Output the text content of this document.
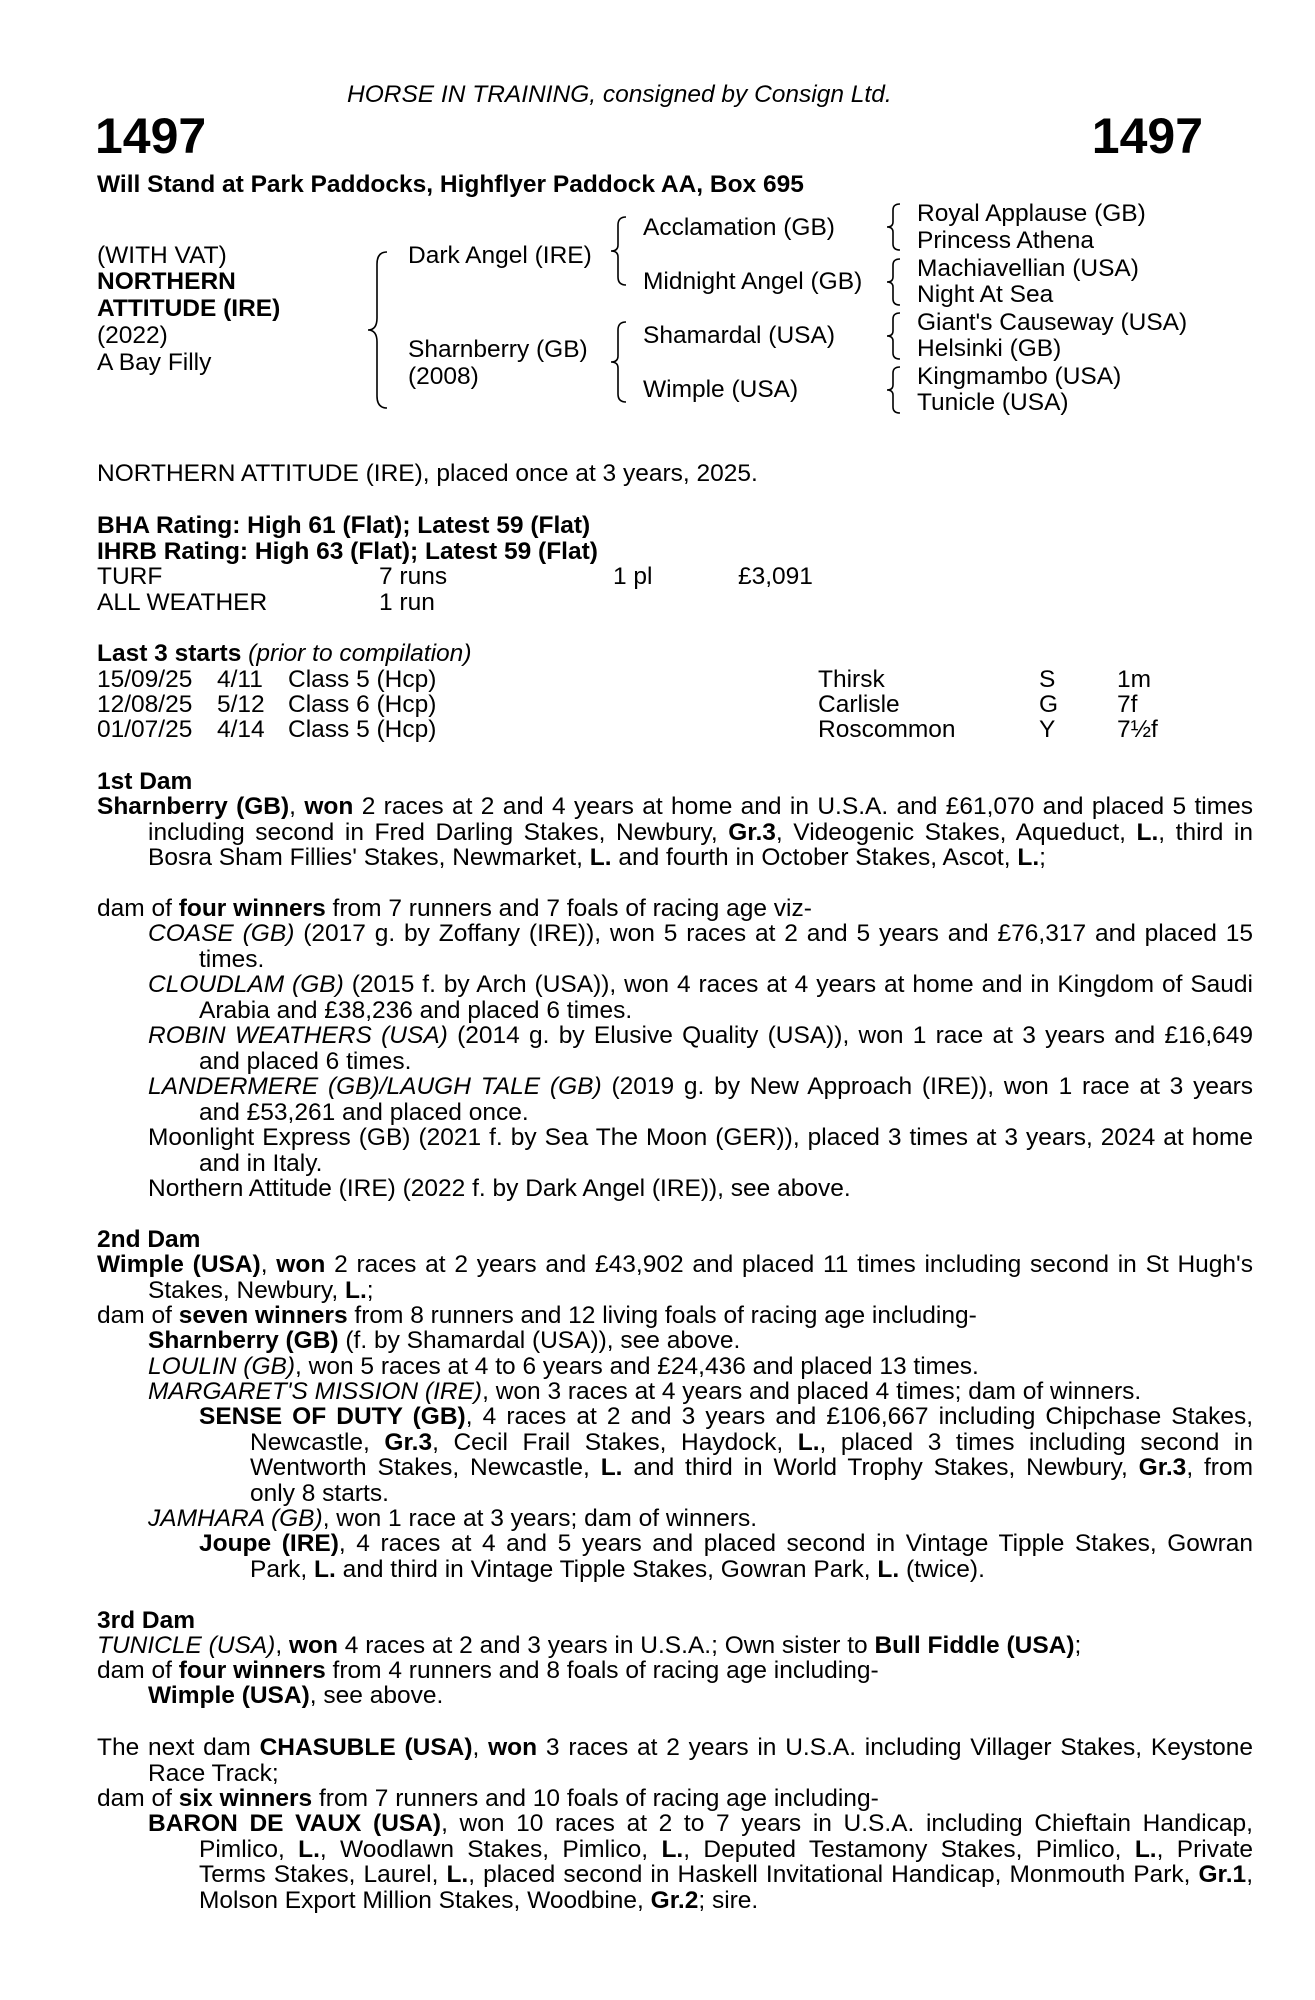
HORSE IN TRAINING, consigned by Consign Ltd.
1497	1497
Will Stand at Park Paddocks, Highflyer Paddock AA, Box 695
(WITH VAT)
NORTHERN
ATTITUDE (IRE)
(2022)
A Bay Filly
Dark Angel (IRE)
Sharnberry (GB)
(2008)
Acclamation (GB)
Midnight Angel (GB)
Shamardal (USA)
Wimple (USA)
Royal Applause (GB)
Princess Athena
Machiavellian (USA)
Night At Sea
Giant's Causeway (USA)
Helsinki (GB)
Kingmambo (USA)
Tunicle (USA)
NORTHERN ATTITUDE (IRE), placed once at 3 years, 2025.
BHA Rating: High 61 (Flat); Latest 59 (Flat)
IHRB Rating: High 63 (Flat); Latest 59 (Flat)
TURF	7 runs	1 pl	£3,091
ALL WEATHER	1 run
Last 3 starts (prior to compilation)
15/09/25 4/11 Class 5 (Hcp)	Thirsk	S	1m
12/08/25 5/12 Class 6 (Hcp)	Carlisle	G 7f
01/07/25 4/14 Class 5 (Hcp)	Roscommon	Y	7½f
1st Dam
Sharnberry (GB), won 2 races at 2 and 4 years at home and in U.S.A. and £61,070 and placed 5 times including second in Fred Darling Stakes, Newbury, Gr.3, Videogenic Stakes, Aqueduct, L., third in Bosra Sham Fillies' Stakes, Newmarket, L. and fourth in October Stakes, Ascot, L.;
dam of four winners from 7 runners and 7 foals of racing age viz-
COASE (GB) (2017 g. by Zoffany (IRE)), won 5 races at 2 and 5 years and £76,317 and placed 15 times.
CLOUDLAM (GB) (2015 f. by Arch (USA)), won 4 races at 4 years at home and in Kingdom of Saudi Arabia and £38,236 and placed 6 times.
ROBIN WEATHERS (USA) (2014 g. by Elusive Quality (USA)), won 1 race at 3 years and £16,649 and placed 6 times.
LANDERMERE (GB)/LAUGH TALE (GB) (2019 g. by New Approach (IRE)), won 1 race at 3 years and £53,261 and placed once.
Moonlight Express (GB) (2021 f. by Sea The Moon (GER)), placed 3 times at 3 years, 2024 at home and in Italy.
Northern Attitude (IRE) (2022 f. by Dark Angel (IRE)), see above.
2nd Dam
Wimple (USA), won 2 races at 2 years and £43,902 and placed 11 times including second in St Hugh's Stakes, Newbury, L.;
dam of seven winners from 8 runners and 12 living foals of racing age including-
Sharnberry (GB) (f. by Shamardal (USA)), see above.
LOULIN (GB), won 5 races at 4 to 6 years and £24,436 and placed 13 times.
MARGARET'S MISSION (IRE), won 3 races at 4 years and placed 4 times; dam of winners.
SENSE OF DUTY (GB), 4 races at 2 and 3 years and £106,667 including Chipchase Stakes, Newcastle, Gr.3, Cecil Frail Stakes, Haydock, L., placed 3 times including second in Wentworth Stakes, Newcastle, L. and third in World Trophy Stakes, Newbury, Gr.3, from only 8 starts.
JAMHARA (GB), won 1 race at 3 years; dam of winners.
Joupe (IRE), 4 races at 4 and 5 years and placed second in Vintage Tipple Stakes, Gowran Park, L. and third in Vintage Tipple Stakes, Gowran Park, L. (twice).
3rd Dam
TUNICLE (USA), won 4 races at 2 and 3 years in U.S.A.; Own sister to Bull Fiddle (USA);
dam of four winners from 4 runners and 8 foals of racing age including-
Wimple (USA), see above.
The next dam CHASUBLE (USA), won 3 races at 2 years in U.S.A. including Villager Stakes, Keystone Race Track;
dam of six winners from 7 runners and 10 foals of racing age including-
BARON DE VAUX (USA), won 10 races at 2 to 7 years in U.S.A. including Chieftain Handicap, Pimlico, L., Woodlawn Stakes, Pimlico, L., Deputed Testamony Stakes, Pimlico, L., Private Terms Stakes, Laurel, L., placed second in Haskell Invitational Handicap, Monmouth Park, Gr.1, Molson Export Million Stakes, Woodbine, Gr.2; sire.
